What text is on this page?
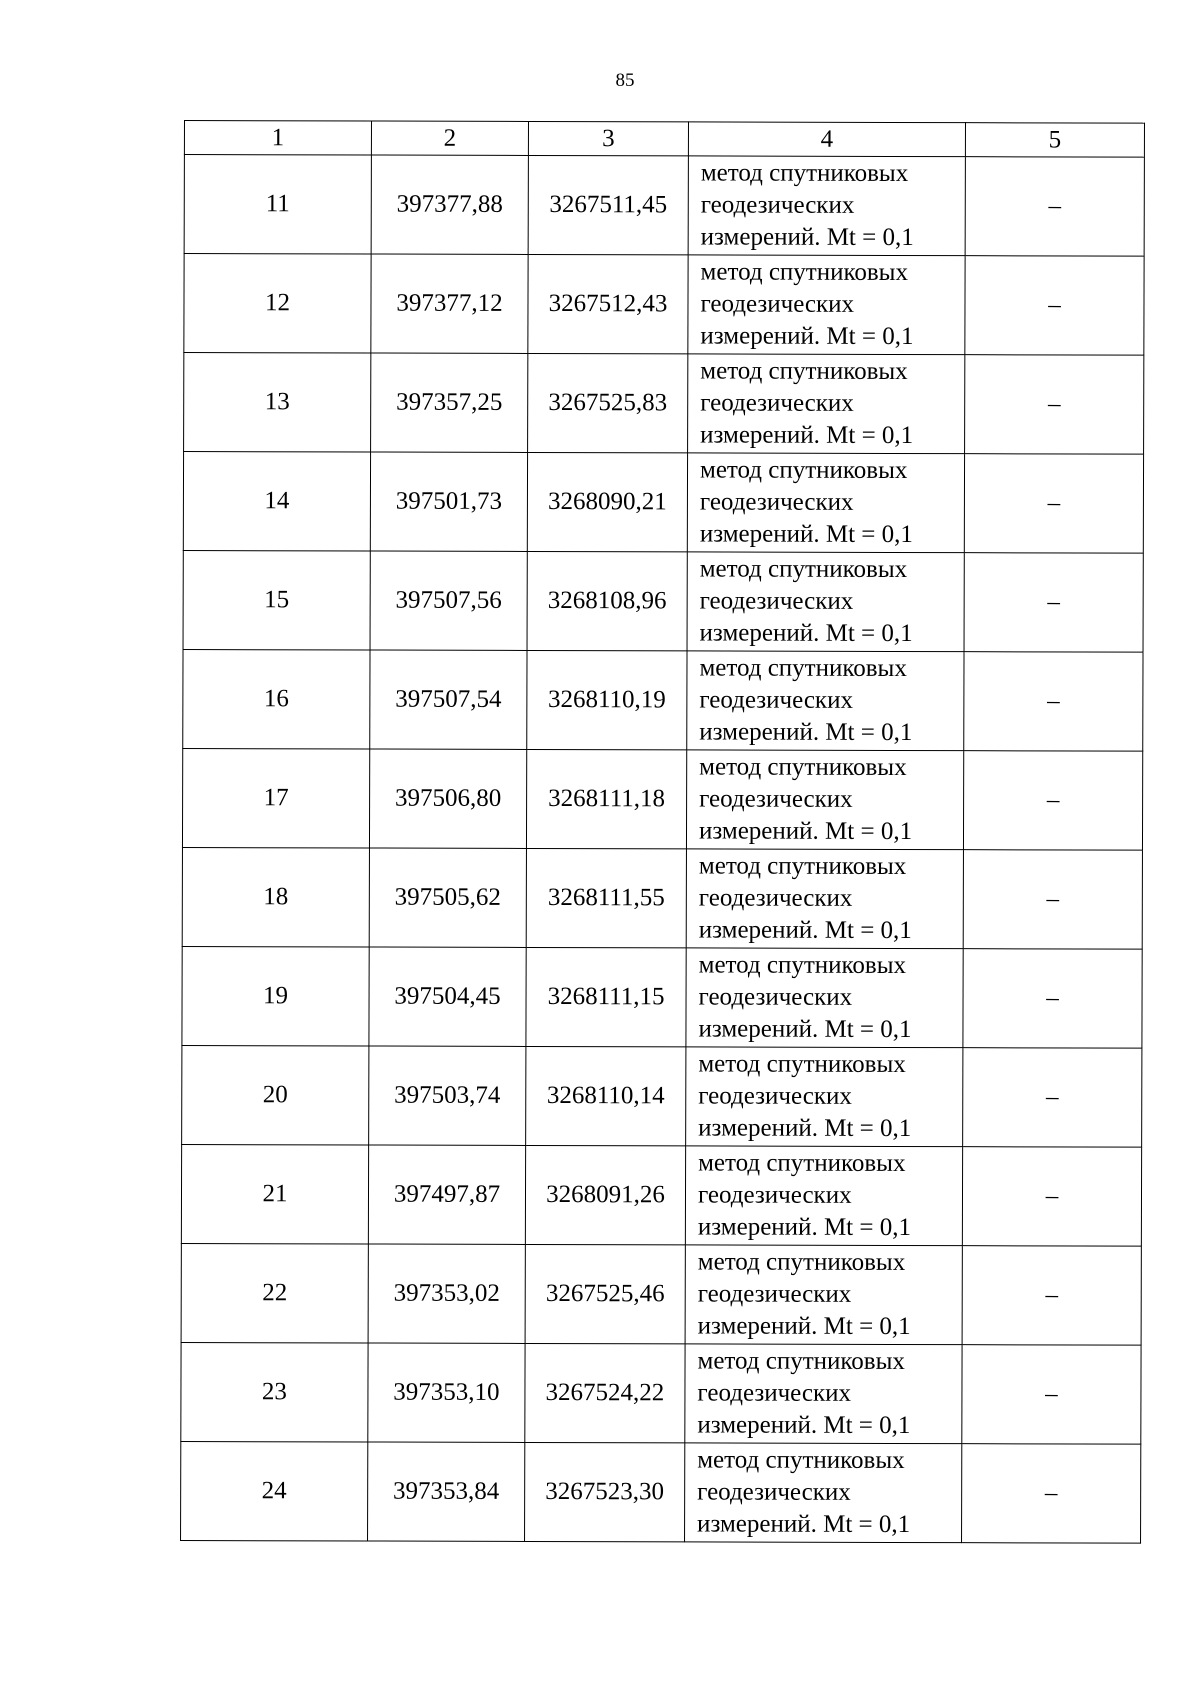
85
1	2	3	4	5
11	397377,88	3267511,45	метод спутниковых
геодезических
измерений. Mt = 0,1	–
12	397377,12	3267512,43	метод спутниковых
геодезических
измерений. Mt = 0,1	–
13	397357,25	3267525,83	метод спутниковых
геодезических
измерений. Mt = 0,1	–
14	397501,73	3268090,21	метод спутниковых
геодезических
измерений. Mt = 0,1	–
15	397507,56	3268108,96	метод спутниковых
геодезических
измерений. Mt = 0,1	–
16	397507,54	3268110,19	метод спутниковых
геодезических
измерений. Mt = 0,1	–
17	397506,80	3268111,18	метод спутниковых
геодезических
измерений. Mt = 0,1	–
18	397505,62	3268111,55	метод спутниковых
геодезических
измерений. Mt = 0,1	–
19	397504,45	3268111,15	метод спутниковых
геодезических
измерений. Mt = 0,1	–
20	397503,74	3268110,14	метод спутниковых
геодезических
измерений. Mt = 0,1	–
21	397497,87	3268091,26	метод спутниковых
геодезических
измерений. Mt = 0,1	–
22	397353,02	3267525,46	метод спутниковых
геодезических
измерений. Mt = 0,1	–
23	397353,10	3267524,22	метод спутниковых
геодезических
измерений. Mt = 0,1	–
24	397353,84	3267523,30	метод спутниковых
геодезических
измерений. Mt = 0,1	–
